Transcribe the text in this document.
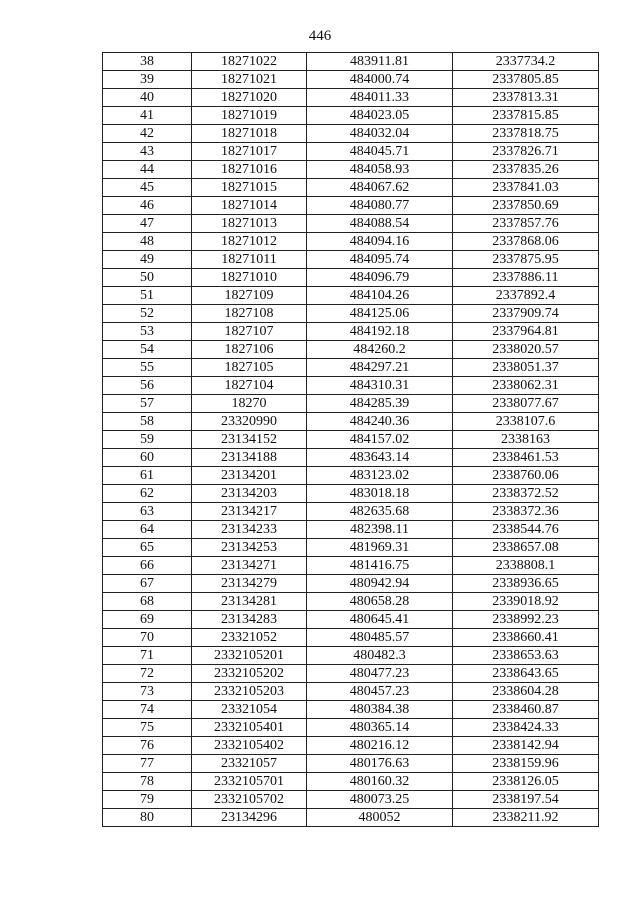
446
38	18271022	483911.81	2337734.2
39	18271021	484000.74	2337805.85
40	18271020	484011.33	2337813.31
41	18271019	484023.05	2337815.85
42	18271018	484032.04	2337818.75
43	18271017	484045.71	2337826.71
44	18271016	484058.93	2337835.26
45	18271015	484067.62	2337841.03
46	18271014	484080.77	2337850.69
47	18271013	484088.54	2337857.76
48	18271012	484094.16	2337868.06
49	18271011	484095.74	2337875.95
50	18271010	484096.79	2337886.11
51	1827109	484104.26	2337892.4
52	1827108	484125.06	2337909.74
53	1827107	484192.18	2337964.81
54	1827106	484260.2	2338020.57
55	1827105	484297.21	2338051.37
56	1827104	484310.31	2338062.31
57	18270	484285.39	2338077.67
58	23320990	484240.36	2338107.6
59	23134152	484157.02	2338163
60	23134188	483643.14	2338461.53
61	23134201	483123.02	2338760.06
62	23134203	483018.18	2338372.52
63	23134217	482635.68	2338372.36
64	23134233	482398.11	2338544.76
65	23134253	481969.31	2338657.08
66	23134271	481416.75	2338808.1
67	23134279	480942.94	2338936.65
68	23134281	480658.28	2339018.92
69	23134283	480645.41	2338992.23
70	23321052	480485.57	2338660.41
71	2332105201	480482.3	2338653.63
72	2332105202	480477.23	2338643.65
73	2332105203	480457.23	2338604.28
74	23321054	480384.38	2338460.87
75	2332105401	480365.14	2338424.33
76	2332105402	480216.12	2338142.94
77	23321057	480176.63	2338159.96
78	2332105701	480160.32	2338126.05
79	2332105702	480073.25	2338197.54
80	23134296	480052	2338211.92
